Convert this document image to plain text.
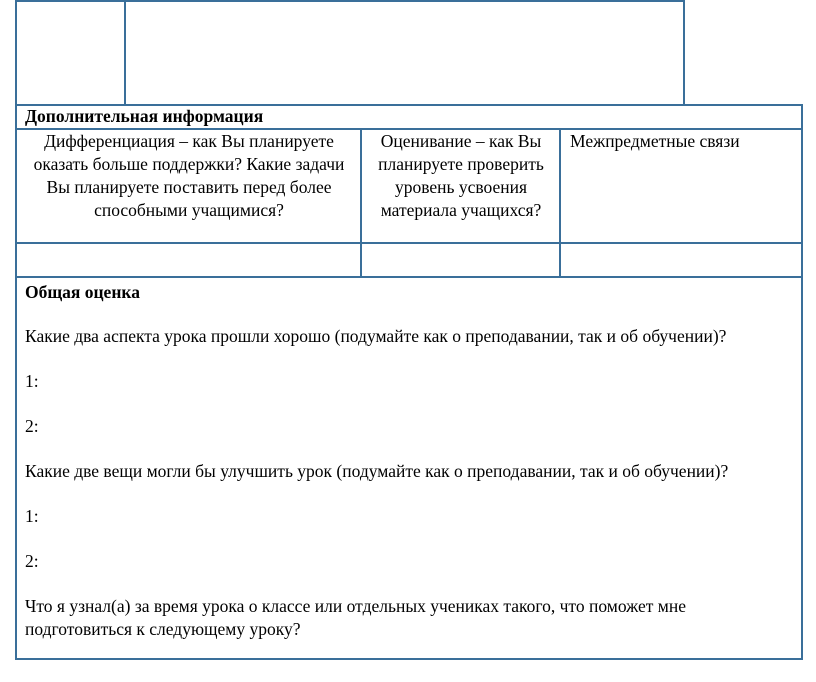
Дополнительная информация
Дифференциация – как Вы планируете оказать больше поддержки? Какие задачи Вы планируете поставить перед более способными учащимися?
Оценивание – как Вы планируете проверить уровень усвоения материала учащихся?
Межпредметные связи
Общая оценка
Какие два аспекта урока прошли хорошо (подумайте как о преподавании, так и об обучении)?
1:
2:
Какие две вещи могли бы улучшить урок (подумайте как о преподавании, так и об обучении)?
1:
2:
Что я узнал(а) за время урока о классе или отдельных учениках такого, что поможет мне подготовиться к следующему уроку?
